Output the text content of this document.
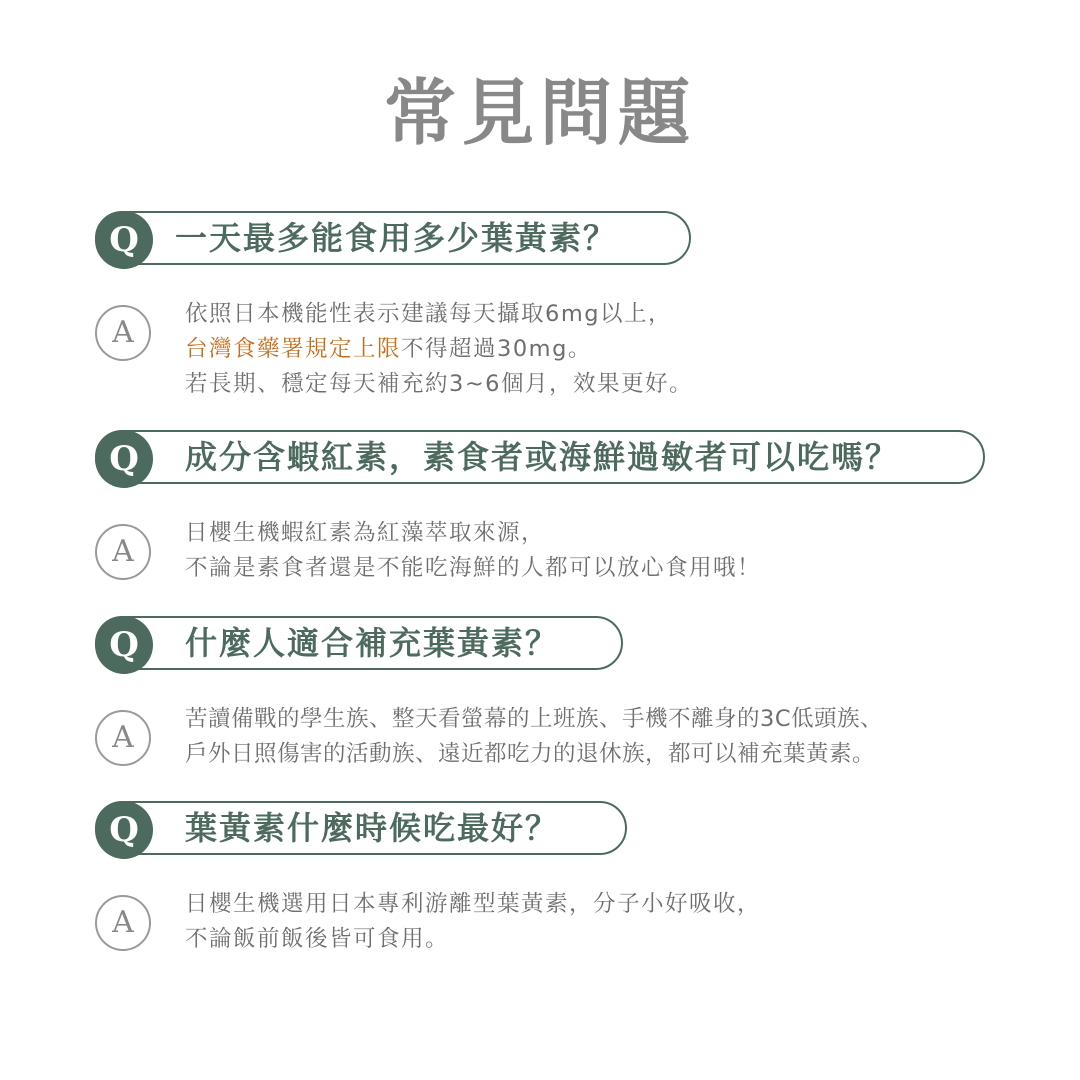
常見問題
Q	一天最多能食用多少葉黃素？
A
依照日本機能性表示建議每天攝取6mg以上，
台灣食藥署規定上限不得超過30mg。
若長期、穩定每天補充約3~6個月，效果更好。
Q	成分含蝦紅素，素食者或海鮮過敏者可以吃嗎？
A
日櫻生機蝦紅素為紅藻萃取來源，
不論是素食者還是不能吃海鮮的人都可以放心食用哦！
Q	什麼人適合補充葉黃素？
A
苦讀備戰的學生族、整天看螢幕的上班族、手機不離身的3C低頭族、
戶外日照傷害的活動族、遠近都吃力的退休族，都可以補充葉黃素。
Q	葉黃素什麼時候吃最好？
A
日櫻生機選用日本專利游離型葉黃素，分子小好吸收，
不論飯前飯後皆可食用。
